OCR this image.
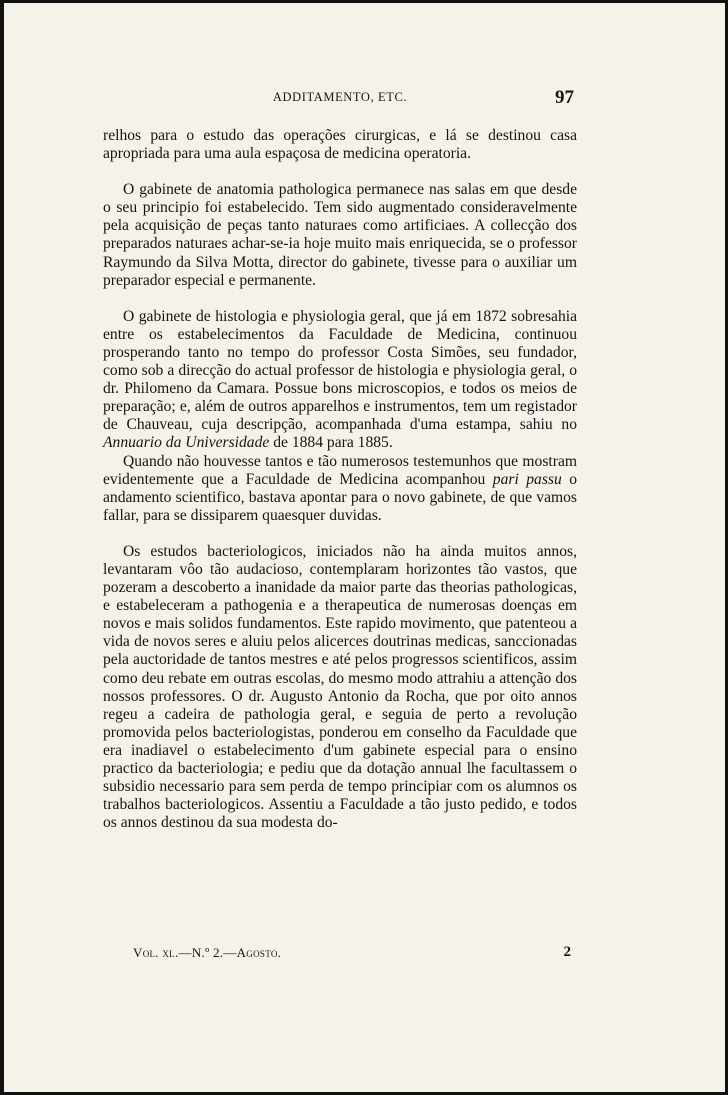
ADDITAMENTO, ETC.	97

relhos para o estudo das operações cirurgicas, e lá se destinou casa apropriada para uma aula espaçosa de medicina operatoria.

O gabinete de anatomia pathologica permanece nas salas em que desde o seu principio foi estabelecido. Tem sido augmentado consideravelmente pela acquisição de peças tanto naturaes como artificiaes. A collecção dos preparados naturaes achar-se-ia hoje muito mais enriquecida, se o professor Raymundo da Silva Motta, director do gabinete, tivesse para o auxiliar um preparador especial e permanente.

O gabinete de histologia e physiologia geral, que já em 1872 sobresahia entre os estabelecimentos da Faculdade de Medicina, continuou prosperando tanto no tempo do professor Costa Simões, seu fundador, como sob a direcção do actual professor de histologia e physiologia geral, o dr. Philomeno da Camara. Possue bons microscopios, e todos os meios de preparação; e, além de outros apparelhos e instrumentos, tem um registador de Chauveau, cuja descripção, acompanhada d'uma estampa, sahiu no Annuario da Universidade de 1884 para 1885.

Quando não houvesse tantos e tão numerosos testemunhos que mostram evidentemente que a Faculdade de Medicina acompanhou pari passu o andamento scientifico, bastava apontar para o novo gabinete, de que vamos fallar, para se dissiparem quaesquer duvidas.

Os estudos bacteriologicos, iniciados não ha ainda muitos annos, levantaram vôo tão audacioso, contemplaram horizontes tão vastos, que pozeram a descoberto a inanidade da maior parte das theorias pathologicas, e estabeleceram a pathogenia e a therapeutica de numerosas doenças em novos e mais solidos fundamentos. Este rapido movimento, que patenteou a vida de novos seres e aluiu pelos alicerces doutrinas medicas, sanccionadas pela auctoridade de tantos mestres e até pelos progressos scientificos, assim como deu rebate em outras escolas, do mesmo modo attrahiu a attenção dos nossos professores. O dr. Augusto Antonio da Rocha, que por oito annos regeu a cadeira de pathologia geral, e seguia de perto a revolução promovida pelos bacteriologistas, ponderou em conselho da Faculdade que era inadiavel o estabelecimento d'um gabinete especial para o ensino practico da bacteriologia; e pediu que da dotação annual lhe facultassem o subsidio necessario para sem perda de tempo principiar com os alumnos os trabalhos bacteriologicos. Assentiu a Faculdade a tão justo pedido, e todos os annos destinou da sua modesta do-

Vol. xl.—N.º 2.—Agosto.	2
